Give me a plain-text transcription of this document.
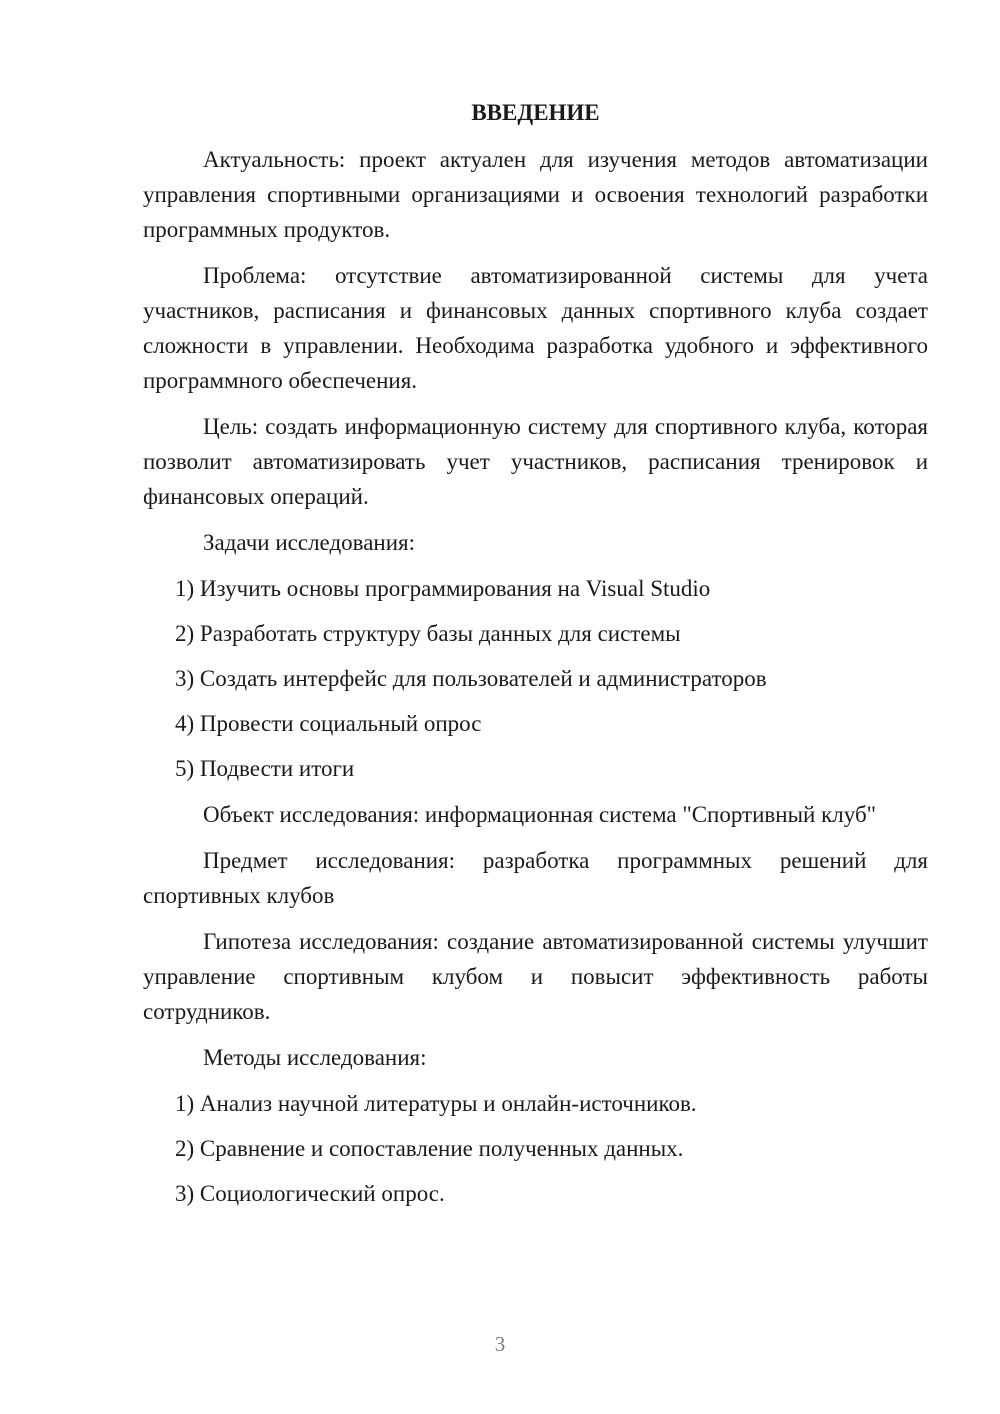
ВВЕДЕНИЕ

Актуальность: проект актуален для изучения методов автоматизации управления спортивными организациями и освоения технологий разработки программных продуктов.

Проблема: отсутствие автоматизированной системы для учета участников, расписания и финансовых данных спортивного клуба создает сложности в управлении. Необходима разработка удобного и эффективного программного обеспечения.

Цель: создать информационную систему для спортивного клуба, которая позволит автоматизировать учет участников, расписания тренировок и финансовых операций.

Задачи исследования:

1) Изучить основы программирования на Visual Studio
2) Разработать структуру базы данных для системы
3) Создать интерфейс для пользователей и администраторов
4) Провести социальный опрос
5) Подвести итоги

Объект исследования: информационная система "Спортивный клуб"

Предмет исследования: разработка программных решений для спортивных клубов

Гипотеза исследования: создание автоматизированной системы улучшит управление спортивным клубом и повысит эффективность работы сотрудников.

Методы исследования:

1) Анализ научной литературы и онлайн-источников.
2) Сравнение и сопоставление полученных данных.
3) Социологический опрос.
3
